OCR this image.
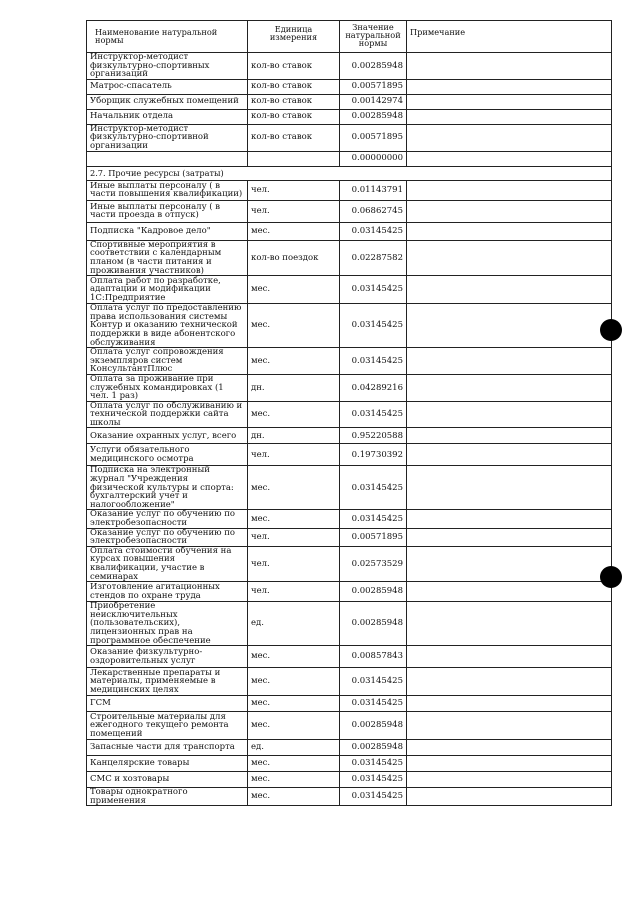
Наименование натуральной нормы	Единица измерения	Значение натуральной нормы	Примечание
Инструктор-методист физкультурно-спортивных организаций	кол-во ставок	0.00285948	
Матрос-спасатель	кол-во ставок	0.00571895	
Уборщик служебных помещений	кол-во ставок	0.00142974	
Начальник отдела	кол-во ставок	0.00285948	
Инструктор-методист физкультурно-спортивной организации	кол-во ставок	0.00571895	
		0.00000000	
2.7. Прочие ресурсы (затраты)			
Иные выплаты персоналу ( в части повышения квалификации)	чел.	0.01143791	
Иные выплаты персоналу ( в части проезда в отпуск)	чел.	0.06862745	
Подписка "Кадровое дело"	мес.	0.03145425	
Спортивные мероприятия в соответствии с календарным планом (в части питания и проживания участников)	кол-во поездок	0.02287582	
Оплата работ по разработке, адаптации и модификации 1С:Предприятие	мес.	0.03145425	
Оплата услуг по предоставлению права использования системы Контур и оказанию технической поддержки в виде абонентского обслуживания	мес.	0.03145425	
Оплата услуг сопровождения экземпляров систем КонсультантПлюс	мес.	0.03145425	
Оплата за проживание при служебных командировках (1 чел. 1 раз)	дн.	0.04289216	
Оплата услуг по обслуживанию и технической поддержки сайта школы	мес.	0.03145425	
Оказание охранных услуг, всего	дн.	0.95220588	
Услуги обязательного медицинского осмотра	чел.	0.19730392	
Подписка на электронный журнал "Учреждения физической культуры и спорта: бухгалтерский учет и налогообложение"	мес.	0.03145425	
Оказание услуг по обучению по электробезопасности	мес.	0.03145425	
Оказание услуг по обучению по электробезопасности	чел.	0.00571895	
Оплата стоимости обучения на курсах повышения квалификации, участие в семинарах	чел.	0.02573529	
Изготовление агитационных стендов по охране труда	чел.	0.00285948	
Приобретение неисключительных (пользовательских), лицензионных прав на программное обеспечение	ед.	0.00285948	
Оказание физкультурно-оздоровительных услуг	мес.	0.00857843	
Лекарственные препараты и материалы, применяемые в медицинских целях	мес.	0.03145425	
ГСМ	мес.	0.03145425	
Строительные материалы для ежегодного текущего ремонта помещений	мес.	0.00285948	
Запасные части для транспорта	ед.	0.00285948	
Канцелярские товары	мес.	0.03145425	
СМС и хозтовары	мес.	0.03145425	
Товары однократного применения	мес.	0.03145425	
